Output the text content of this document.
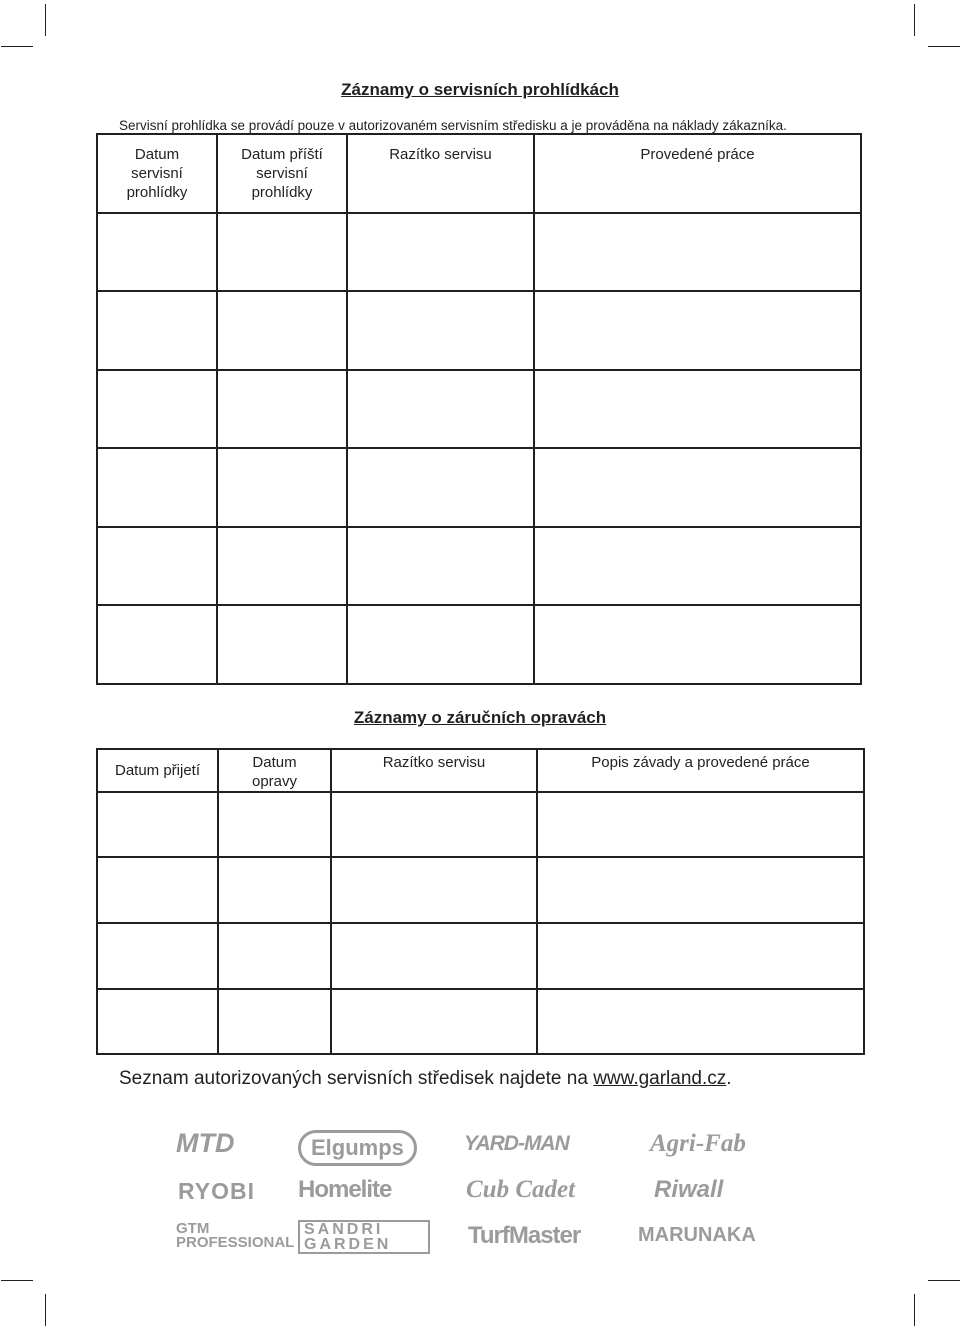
Záznamy o servisních prohlídkách
Servisní prohlídka se provádí pouze v autorizovaném servisním středisku a je prováděna na náklady zákazníka.
Datum
servisní
prohlídky	Datum příští
servisní
prohlídky	Razítko servisu	Provedené práce

Záznamy o záručních opravách
Datum přijetí	Datum
opravy	Razítko servisu	Popis závady a provedené práce

Seznam autorizovaných servisních středisek najdete na www.garland.cz.
MTD	Elgumps	YARD-MAN	Agri-Fab
RYOBI Homelite	Cub Cadet	Riwall
GTM PROFESSIONAL
SANDRI GARDEN	TurfMaster	MARUNAKA
